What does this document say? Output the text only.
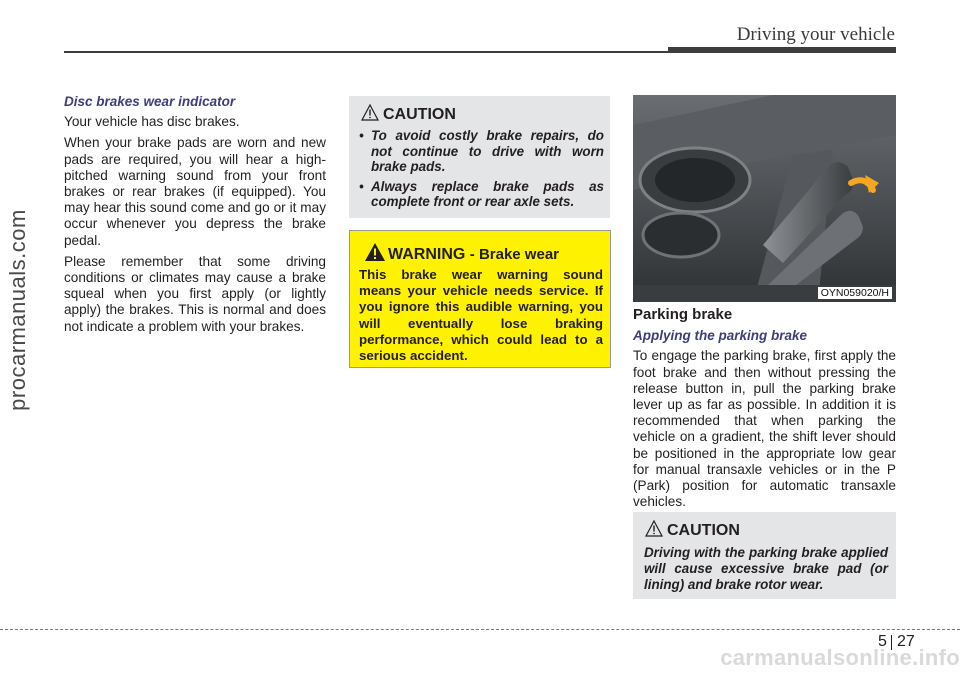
Driving your vehicle
procarmanuals.com

Disc brakes wear indicator

Your vehicle has disc brakes.

When your brake pads are worn and new pads are required, you will hear a high-pitched warning sound from your front brakes or rear brakes (if equipped). You may hear this sound come and go or it may occur whenever you depress the brake pedal.

Please remember that some driving conditions or climates may cause a brake squeal when you first apply (or lightly apply) the brakes. This is normal and does not indicate a problem with your brakes.

CAUTION
• To avoid costly brake repairs, do not continue to drive with worn brake pads.
• Always replace brake pads as complete front or rear axle sets.
WARNING - Brake wear
This brake wear warning sound means your vehicle needs service. If you ignore this audible warning, you will eventually lose braking performance, which could lead to a serious accident.
OYN059020/H

Parking brake

Applying the parking brake

To engage the parking brake, first apply the foot brake and then without pressing the release button in, pull the parking brake lever up as far as possible. In addition it is recommended that when parking the vehicle on a gradient, the shift lever should be positioned in the appropriate low gear for manual transaxle vehicles or in the P (Park) position for automatic transaxle vehicles.

CAUTION
Driving with the parking brake applied will cause excessive brake pad (or lining) and brake rotor wear.
5 27
carmanualsonline.info
